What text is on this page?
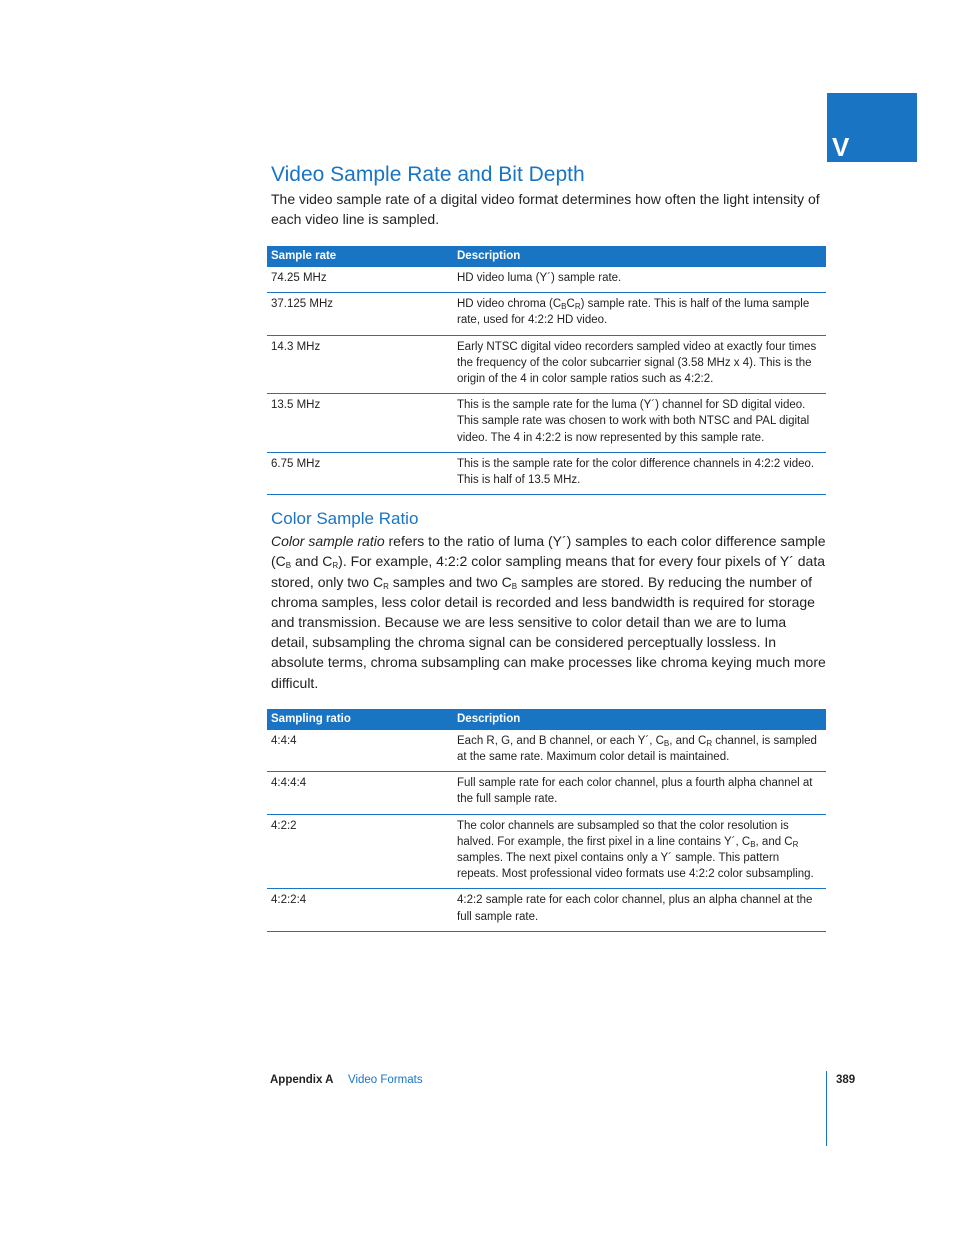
V
Video Sample Rate and Bit Depth

The video sample rate of a digital video format determines how often the light intensity of each video line is sampled.

Sample rate	Description
74.25 MHz	HD video luma (Y´) sample rate.
37.125 MHz	HD video chroma $(C_BC_R)$ sample rate. This is half of the luma sample rate, used for 4:2:2 HD video.
14.3 MHz	Early NTSC digital video recorders sampled video at exactly four times the frequency of the color subcarrier signal (3.58 MHz x 4). This is the origin of the 4 in color sample ratios such as 4:2:2.
13.5 MHz	This is the sample rate for the luma (Y´) channel for SD digital video. This sample rate was chosen to work with both NTSC and PAL digital video. The 4 in 4:2:2 is now represented by this sample rate.
6.75 MHz	This is the sample rate for the color difference channels in 4:2:2 video. This is half of 13.5 MHz.
Color Sample Ratio

Color sample ratio refers to the ratio of luma (Y´) samples to each color difference sample ($C_B$ and $C_R$). For example, 4:2:2 color sampling means that for every four pixels of Y´ data stored, only two $C_R$ samples and two $C_B$ samples are stored. By reducing the number of chroma samples, less color detail is recorded and less bandwidth is required for storage and transmission. Because we are less sensitive to color detail than we are to luma detail, subsampling the chroma signal can be considered perceptually lossless. In absolute terms, chroma subsampling can make processes like chroma keying much more difficult.

Sampling ratio	Description
4:4:4	Each R, G, and B channel, or each Y´, $C_B$, and $C_R$ channel, is sampled at the same rate. Maximum color detail is maintained.
4:4:4:4	Full sample rate for each color channel, plus a fourth alpha channel at the full sample rate.
4:2:2	The color channels are subsampled so that the color resolution is halved. For example, the first pixel in a line contains Y´, $C_B$, and $C_R$ samples. The next pixel contains only a Y´ sample. This pattern repeats. Most professional video formats use 4:2:2 color subsampling.
4:2:2:4	4:2:2 sample rate for each color channel, plus an alpha channel at the full sample rate.
Appendix A Video Formats	389
